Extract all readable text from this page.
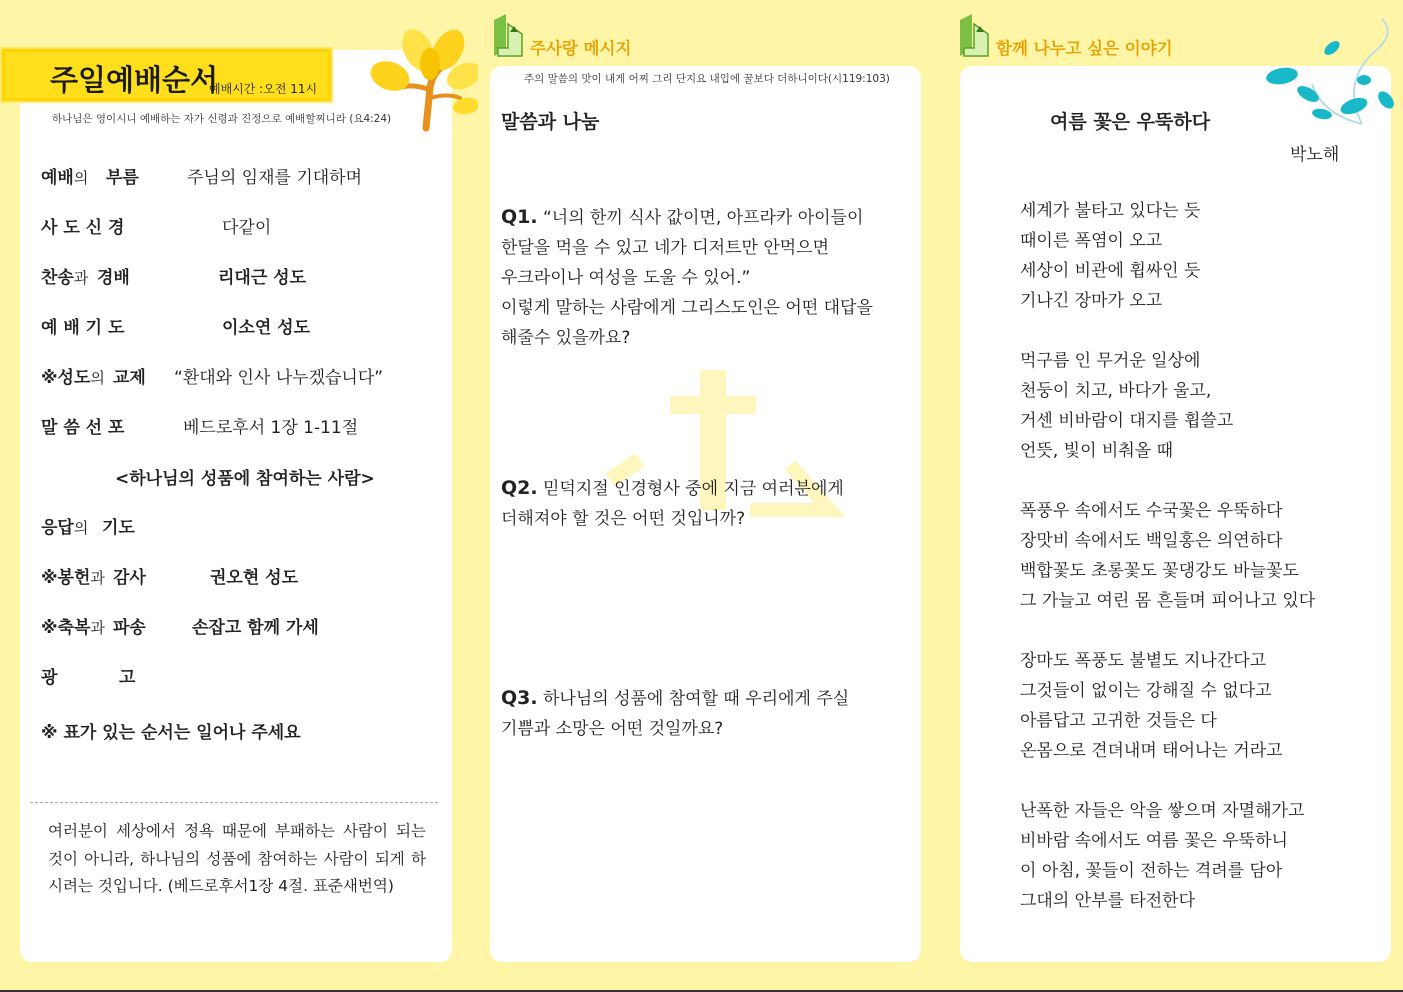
주일예배순서
예배시간 :오전 11시
하나님은 영이시니 예배하는 자가 신령과 진정으로 예배할찌니라 (요4:24)
예배의 부름	주님의 임재를 기대하며
사 도 신 경	다같이
찬송과 경배	리대근 성도
예 배 기 도	이소연 성도
※성도의 교제 “환대와 인사 나누겠습니다”
말 씀 선 포	베드로후서 1장 1-11절
응답의 기도
※봉헌과 감사	권오현 성도
※축복과 파송	손잡고 함께 가세
광	고
<하나님의 성품에 참여하는 사람>
※ 표가 있는 순서는 일어나 주세요
여러분이 세상에서 정욕 때문에 부패하는 사람이 되는 것이 아니라, 하나님의 성품에 참여하는 사람이 되게 하시려는 것입니다. (베드로후서1장 4절. 표준새번역)
주사랑 메시지
주의 말씀의 맛이 내게 어찌 그리 단지요 내입에 꿀보다 더하니이다(시119:103)
말씀과 나눔
Q1. “너의 한끼 식사 값이면, 아프라카 아이들이
한달을 먹을 수 있고 네가 디저트만 안먹으면
우크라이나 여성을 도울 수 있어.”
이렇게 말하는 사람에게 그리스도인은 어떤 대답을
해줄수 있을까요?
Q2. 믿덕지절 인경형사 중에 지금 여러분에게
더해져야 할 것은 어떤 것입니까?
Q3. 하나님의 성품에 참여할 때 우리에게 주실
기쁨과 소망은 어떤 것일까요?
함께 나누고 싶은 이야기
여름 꽃은 우뚝하다
박노해
세계가 불타고 있다는 듯
때이른 폭염이 오고
세상이 비관에 휩싸인 듯
기나긴 장마가 오고
먹구름 인 무거운 일상에
천둥이 치고, 바다가 울고,
거센 비바람이 대지를 휩쓸고
언뜻, 빛이 비춰올 때
폭풍우 속에서도 수국꽃은 우뚝하다
장맛비 속에서도 백일홍은 의연하다
백합꽃도 초롱꽃도 꽃댕강도 바늘꽃도
그 가늘고 여린 몸 흔들며 피어나고 있다
장마도 폭풍도 불볕도 지나간다고
그것들이 없이는 강해질 수 없다고
아름답고 고귀한 것들은 다
온몸으로 견뎌내며 태어나는 거라고
난폭한 자들은 악을 쌓으며 자멸해가고
비바람 속에서도 여름 꽃은 우뚝하니
이 아침, 꽃들이 전하는 격려를 담아
그대의 안부를 타전한다
